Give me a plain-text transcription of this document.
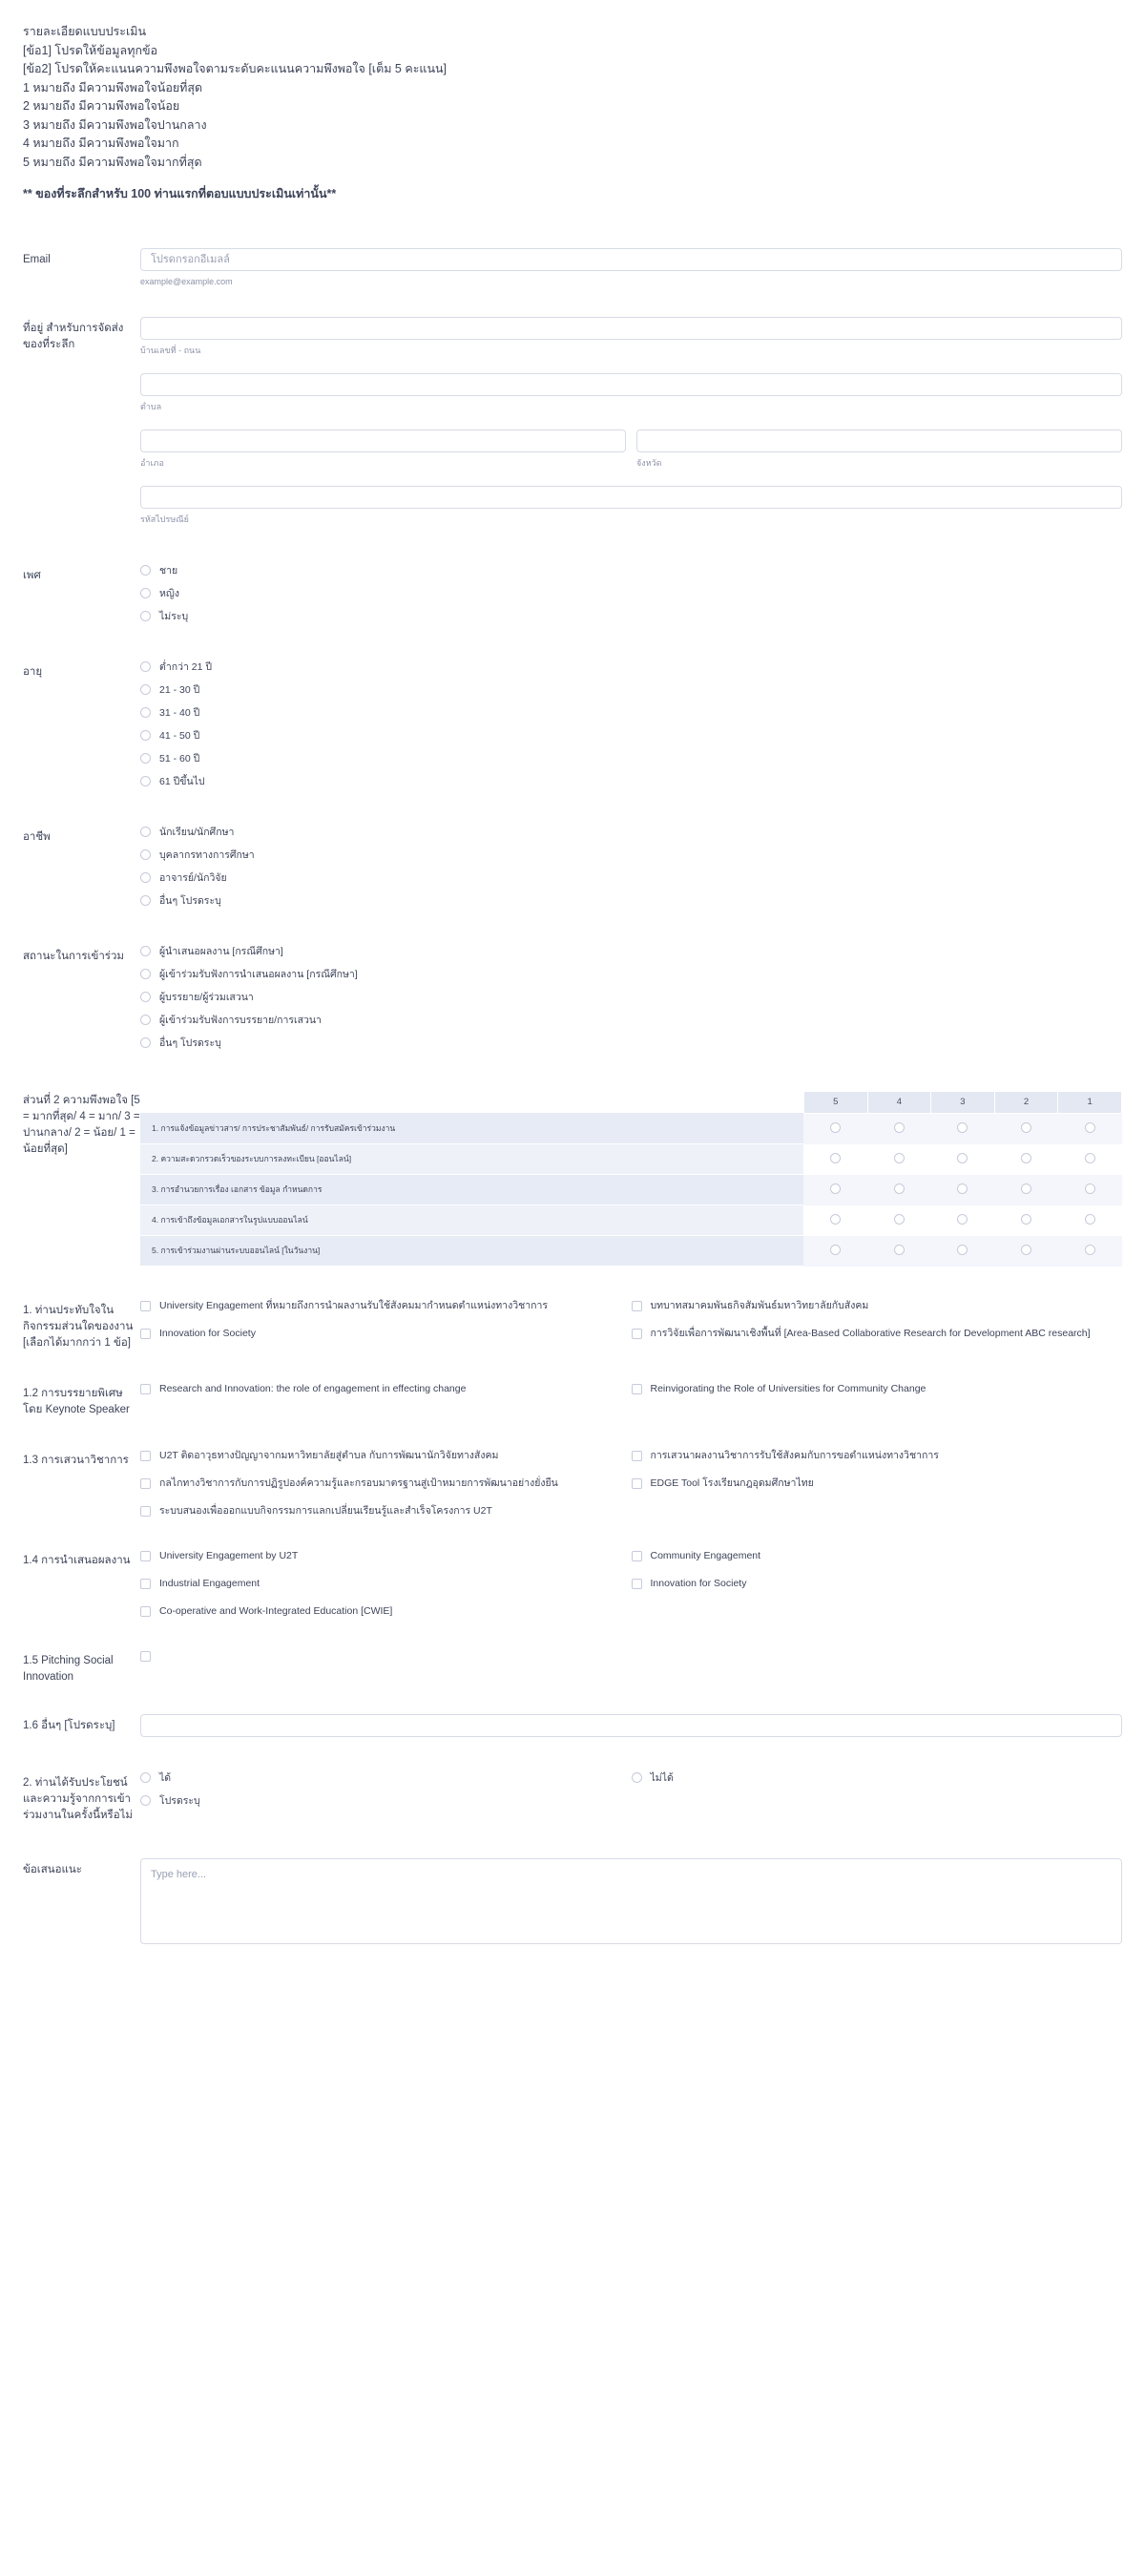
รายละเอียดแบบประเมิน
[ข้อ1] โปรดให้ข้อมูลทุกข้อ
[ข้อ2] โปรดให้คะแนนความพึงพอใจตามระดับคะแนนความพึงพอใจ [เต็ม 5 คะแนน]
1 หมายถึง มีความพึงพอใจน้อยที่สุด
2 หมายถึง มีความพึงพอใจน้อย
3 หมายถึง มีความพึงพอใจปานกลาง
4 หมายถึง มีความพึงพอใจมาก
5 หมายถึง มีความพึงพอใจมากที่สุด
** ของที่ระลึกสำหรับ 100 ท่านแรกที่ตอบแบบประเมินเท่านั้น**
Email
โปรดกรอกอีเมลล์
example@example.com
ที่อยู่ สำหรับการจัดส่งของที่ระลึก	บ้านเลขที่ - ถนน
ตำบล
อำเภอ	จังหวัด
รหัสไปรษณีย์
เพศ	ชาย
หญิง
ไม่ระบุ
อายุ	ต่ำกว่า 21 ปี
21 - 30 ปี
31 - 40 ปี
41 - 50 ปี
51 - 60 ปี
61 ปีขึ้นไป
อาชีพ	นักเรียน/นักศึกษา
บุคลากรทางการศึกษา
อาจารย์/นักวิจัย
อื่นๆ โปรดระบุ
สถานะในการเข้าร่วม	ผู้นำเสนอผลงาน [กรณีศึกษา]
ผู้เข้าร่วมรับฟังการนำเสนอผลงาน [กรณีศึกษา]
ผู้บรรยาย/ผู้ร่วมเสวนา
ผู้เข้าร่วมรับฟังการบรรยาย/การเสวนา
อื่นๆ โปรดระบุ
ส่วนที่ 2 ความพึงพอใจ [5 = มากที่สุด/ 4 = มาก/ 3 = ปานกลาง/ 2 = น้อย/ 1 = น้อยที่สุด]
	5	4	3	2	1
1. การแจ้งข้อมูลข่าวสาร/ การประชาสัมพันธ์/ การรับสมัครเข้าร่วมงาน					
2. ความสะดวกรวดเร็วของระบบการลงทะเบียน [ออนไลน์]					
3. การอำนวยการเรื่อง เอกสาร ข้อมูล กำหนดการ					
4. การเข้าถึงข้อมูลเอกสารในรูปแบบออนไลน์					
5. การเข้าร่วมงานผ่านระบบออนไลน์ [ในวันงาน]					
1. ท่านประทับใจในกิจกรรมส่วนใดของงาน [เลือกได้มากกว่า 1 ข้อ]
University Engagement ที่หมายถึงการนำผลงานรับใช้สังคมมากำหนดตำแหน่งทางวิชาการ
Innovation for Society
บทบาทสมาคมพันธกิจสัมพันธ์มหาวิทยาลัยกับสังคม
การวิจัยเพื่อการพัฒนาเชิงพื้นที่ [Area-Based Collaborative Research for Development ABC research]
1.2 การบรรยายพิเศษ โดย Keynote Speaker
Research and Innovation: the role of engagement in effecting change	Reinvigorating the Role of Universities for Community Change
1.3 การเสวนาวิชาการ	U2T ติดอาวุธทางปัญญาจากมหาวิทยาลัยสู่ตำบล กับการพัฒนานักวิจัยทางสังคม
กลไกทางวิชาการกับการปฏิรูปองค์ความรู้และกรอบมาตรฐานสู่เป้าหมายการพัฒนาอย่างยั่งยืน
ระบบสนองเพื่อออกแบบกิจกรรมการแลกเปลี่ยนเรียนรู้และสำเร็จโครงการ U2T
การเสวนาผลงานวิชาการรับใช้สังคมกับการขอตำแหน่งทางวิชาการ
EDGE Tool โรงเรียนกฎอุดมศึกษาไทย
1.4 การนำเสนอผลงาน	University Engagement by U2T
Industrial Engagement
Co-operative and Work-Integrated Education [CWIE]
Community Engagement
Innovation for Society
1.5 Pitching Social Innovation
1.6 อื่นๆ [โปรดระบุ]
2. ท่านได้รับประโยชน์และความรู้จากการเข้าร่วมงานในครั้งนี้หรือไม่
ได้
โปรดระบุ
ไม่ได้
ข้อเสนอแนะ
Type here...
